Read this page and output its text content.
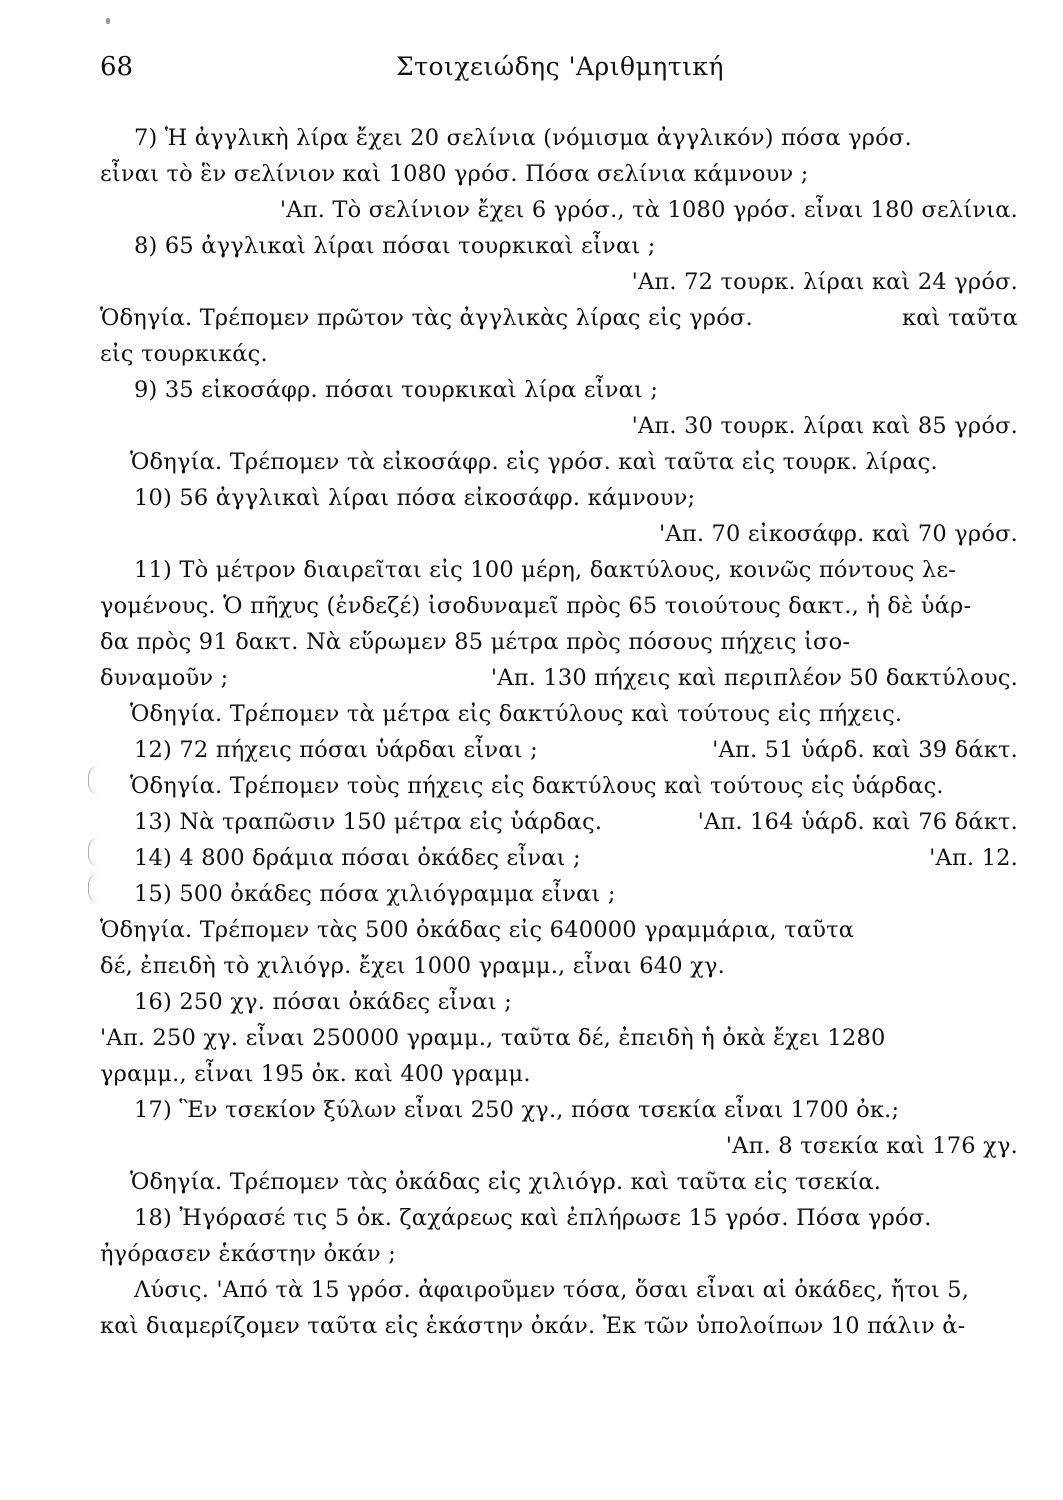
68	Στοιχειώδης 'Αριθμητική
7) Ἡ ἀγγλικὴ λίρα ἔχει 20 σελίνια (νόμισμα ἀγγλικόν) πόσα γρόσ.
εἶναι τὸ ἓν σελίνιον καὶ 1080 γρόσ. Πόσα σελίνια κάμνουν ;
'Απ. Τὸ σελίνιον ἔχει 6 γρόσ., τὰ 1080 γρόσ. εἶναι 180 σελίνια.
8) 65 ἀγγλικαὶ λίραι πόσαι τουρκικαὶ εἶναι ;
'Απ. 72 τουρκ. λίραι καὶ 24 γρόσ.
Ὁδηγία. Τρέπομεν πρῶτον τὰς ἀγγλικὰς λίρας εἰς γρόσ.	καὶ ταῦτα
εἰς τουρκικάς.
9) 35 εἰκοσάφρ. πόσαι τουρκικαὶ λίρα εἶναι ;
'Απ. 30 τουρκ. λίραι καὶ 85 γρόσ.
Ὁδηγία. Τρέπομεν τὰ εἰκοσάφρ. εἰς γρόσ. καὶ ταῦτα εἰς τουρκ. λίρας.
10) 56 ἀγγλικαὶ λίραι πόσα εἰκοσάφρ. κάμνουν;
'Απ. 70 εἰκοσάφρ. καὶ 70 γρόσ.
11) Τὸ μέτρον διαιρεῖται εἰς 100 μέρη, δακτύλους, κοινῶς πόντους λε-
γομένους. Ὁ πῆχυς (ἐνδεζέ) ἰσοδυναμεῖ πρὸς 65 τοιούτους δακτ., ἡ δὲ ὑάρ-
δα πρὸς 91 δακτ. Νὰ εὕρωμεν 85 μέτρα πρὸς πόσους πήχεις ἰσο-
δυναμοῦν ;	'Απ. 130 πήχεις καὶ περιπλέον 50 δακτύλους.
Ὁδηγία. Τρέπομεν τὰ μέτρα εἰς δακτύλους καὶ τούτους εἰς πήχεις.
12) 72 πήχεις πόσαι ὑάρδαι εἶναι ;	'Απ. 51 ὑάρδ. καὶ 39 δάκτ.
Ὁδηγία. Τρέπομεν τοὺς πήχεις εἰς δακτύλους καὶ τούτους εἰς ὑάρδας.
13) Νὰ τραπῶσιν 150 μέτρα εἰς ὑάρδας.	'Απ. 164 ὑάρδ. καὶ 76 δάκτ.
14) 4 800 δράμια πόσαι ὀκάδες εἶναι ;	'Απ. 12.
15) 500 ὀκάδες πόσα χιλιόγραμμα εἶναι ;
Ὁδηγία. Τρέπομεν τὰς 500 ὀκάδας εἰς 640000 γραμμάρια, ταῦτα
δέ, ἐπειδὴ τὸ χιλιόγρ. ἔχει 1000 γραμμ., εἶναι 640 χγ.
16) 250 χγ. πόσαι ὀκάδες εἶναι ;
'Απ. 250 χγ. εἶναι 250000 γραμμ., ταῦτα δέ, ἐπειδὴ ἡ ὀκὰ ἔχει 1280
γραμμ., εἶναι 195 ὀκ. καὶ 400 γραμμ.
17) Ἓν τσεκίον ξύλων εἶναι 250 χγ., πόσα τσεκία εἶναι 1700 ὀκ.;
'Απ. 8 τσεκία καὶ 176 χγ.
Ὁδηγία. Τρέπομεν τὰς ὀκάδας εἰς χιλιόγρ. καὶ ταῦτα εἰς τσεκία.
18) Ἠγόρασέ τις 5 ὀκ. ζαχάρεως καὶ ἐπλήρωσε 15 γρόσ. Πόσα γρόσ.
ἠγόρασεν ἑκάστην ὀκάν ;
Λύσις. 'Από τὰ 15 γρόσ. ἀφαιροῦμεν τόσα, ὅσαι εἶναι αἱ ὀκάδες, ἤτοι 5,
καὶ διαμερίζομεν ταῦτα εἰς ἑκάστην ὀκάν. Ἐκ τῶν ὑπολοίπων 10 πάλιν ἀ-
